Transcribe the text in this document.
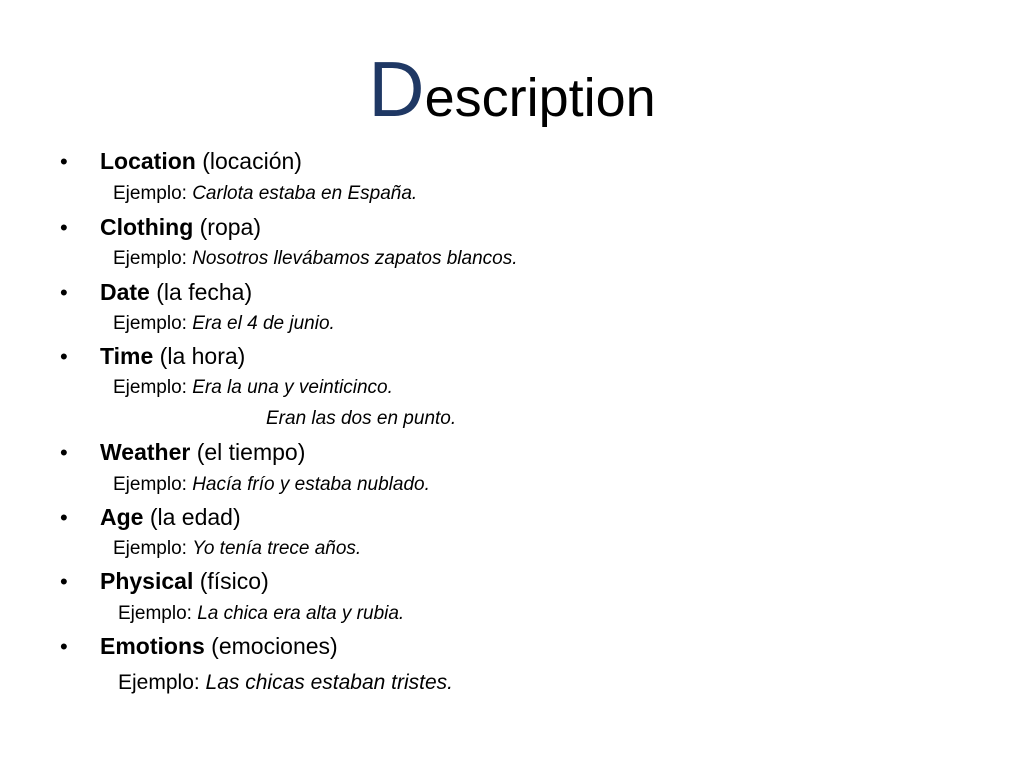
Description
• Location (locación)
Ejemplo: Carlota estaba en España.
• Clothing (ropa)
Ejemplo: Nosotros llevábamos zapatos blancos.
• Date (la fecha)
Ejemplo: Era el 4 de junio.
• Time (la hora)
Ejemplo: Era la una y veinticinco.
Eran las dos en punto.
• Weather (el tiempo)
Ejemplo: Hacía frío y estaba nublado.
• Age (la edad)
Ejemplo: Yo tenía trece años.
• Physical (físico)
Ejemplo: La chica era alta y rubia.
• Emotions (emociones)
Ejemplo: Las chicas estaban tristes.
